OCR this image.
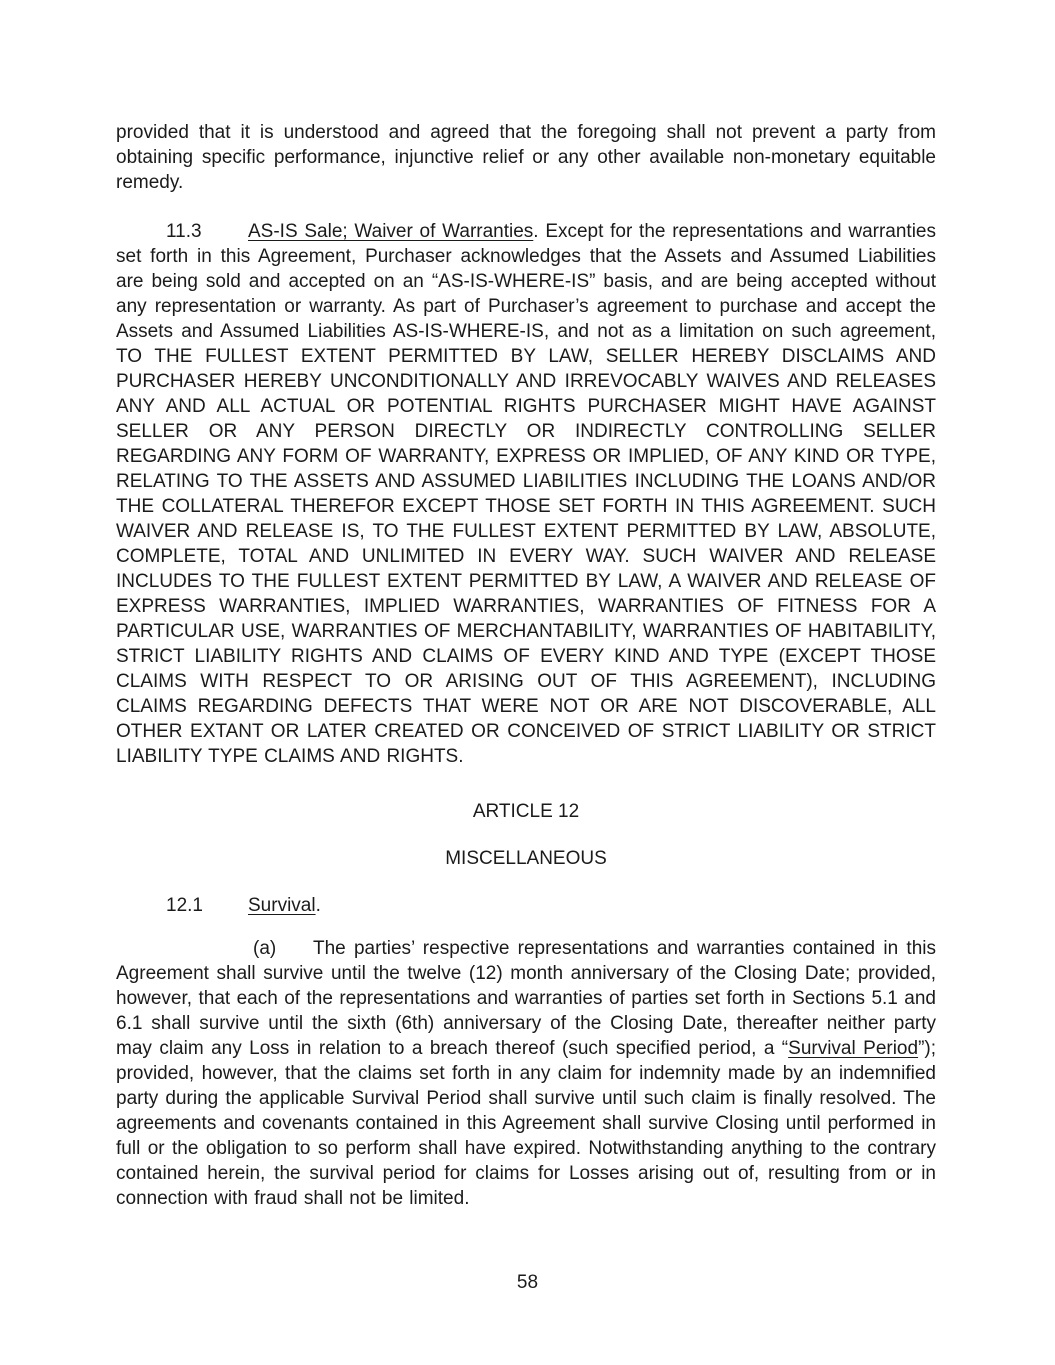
provided that it is understood and agreed that the foregoing shall not prevent a party from obtaining specific performance, injunctive relief or any other available non-monetary equitable remedy.

11.3 AS-IS Sale; Waiver of Warranties. Except for the representations and warranties set forth in this Agreement, Purchaser acknowledges that the Assets and Assumed Liabilities are being sold and accepted on an “AS-IS-WHERE-IS” basis, and are being accepted without any representation or warranty. As part of Purchaser’s agreement to purchase and accept the Assets and Assumed Liabilities AS-IS-WHERE-IS, and not as a limitation on such agreement, TO THE FULLEST EXTENT PERMITTED BY LAW, SELLER HEREBY DISCLAIMS AND PURCHASER HEREBY UNCONDITIONALLY AND IRREVOCABLY WAIVES AND RELEASES ANY AND ALL ACTUAL OR POTENTIAL RIGHTS PURCHASER MIGHT HAVE AGAINST SELLER OR ANY PERSON DIRECTLY OR INDIRECTLY CONTROLLING SELLER REGARDING ANY FORM OF WARRANTY, EXPRESS OR IMPLIED, OF ANY KIND OR TYPE, RELATING TO THE ASSETS AND ASSUMED LIABILITIES INCLUDING THE LOANS AND/OR THE COLLATERAL THEREFOR EXCEPT THOSE SET FORTH IN THIS AGREEMENT. SUCH WAIVER AND RELEASE IS, TO THE FULLEST EXTENT PERMITTED BY LAW, ABSOLUTE, COMPLETE, TOTAL AND UNLIMITED IN EVERY WAY. SUCH WAIVER AND RELEASE INCLUDES TO THE FULLEST EXTENT PERMITTED BY LAW, A WAIVER AND RELEASE OF EXPRESS WARRANTIES, IMPLIED WARRANTIES, WARRANTIES OF FITNESS FOR A PARTICULAR USE, WARRANTIES OF MERCHANTABILITY, WARRANTIES OF HABITABILITY, STRICT LIABILITY RIGHTS AND CLAIMS OF EVERY KIND AND TYPE (EXCEPT THOSE CLAIMS WITH RESPECT TO OR ARISING OUT OF THIS AGREEMENT), INCLUDING CLAIMS REGARDING DEFECTS THAT WERE NOT OR ARE NOT DISCOVERABLE, ALL OTHER EXTANT OR LATER CREATED OR CONCEIVED OF STRICT LIABILITY OR STRICT LIABILITY TYPE CLAIMS AND RIGHTS.

ARTICLE 12

MISCELLANEOUS

12.1 Survival.

(a) The parties’ respective representations and warranties contained in this Agreement shall survive until the twelve (12) month anniversary of the Closing Date; provided, however, that each of the representations and warranties of parties set forth in Sections 5.1 and 6.1 shall survive until the sixth (6th) anniversary of the Closing Date, thereafter neither party may claim any Loss in relation to a breach thereof (such specified period, a “Survival Period”); provided, however, that the claims set forth in any claim for indemnity made by an indemnified party during the applicable Survival Period shall survive until such claim is finally resolved. The agreements and covenants contained in this Agreement shall survive Closing until performed in full or the obligation to so perform shall have expired. Notwithstanding anything to the contrary contained herein, the survival period for claims for Losses arising out of, resulting from or in connection with fraud shall not be limited.

58
